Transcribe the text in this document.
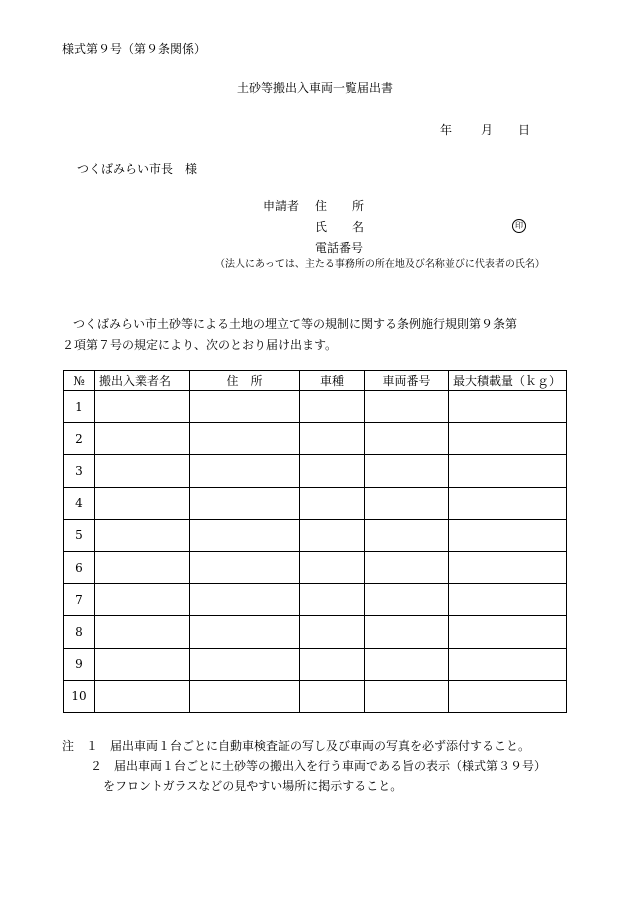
様式第９号（第９条関係）
土砂等搬出入車両一覧届出書
年 月 日
つくばみらい市長　様
申請者 住 所
氏 名	印
電話番号
（法人にあっては、主たる事務所の所在地及び名称並びに代表者の氏名）
つくばみらい市土砂等による土地の埋立て等の規制に関する条例施行規則第９条第
２項第７号の規定により、次のとおり届け出ます。
№	搬出入業者名	住　所	車種	車両番号	最大積載量（ｋｇ）
1					
2					
3					
4					
5					
6					
7					
8					
9					
10					
注　１　届出車両１台ごとに自動車検査証の写し及び車両の写真を必ず添付すること。
２　届出車両１台ごとに土砂等の搬出入を行う車両である旨の表示（様式第３９号）
をフロントガラスなどの見やすい場所に掲示すること。
